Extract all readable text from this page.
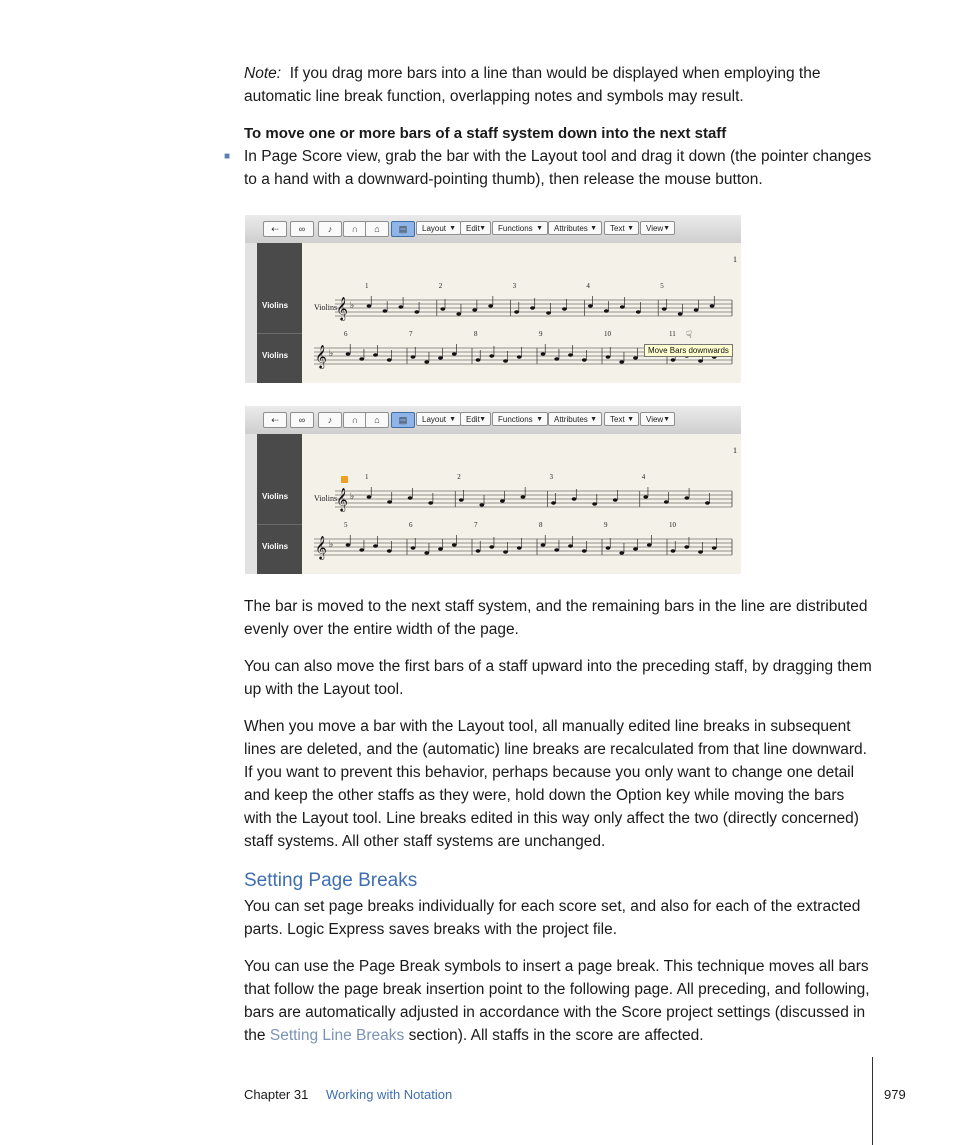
Note: If you drag more bars into a line than would be displayed when employing the automatic line break function, overlapping notes and symbols may result.
To move one or more bars of a staff system down into the next staff
■ In Page Score view, grab the bar with the Layout tool and drag it down (the pointer changes to a hand with a downward-pointing thumb), then release the mouse button.
⇠	∞	♪	∩	⌂	▤	Layout ▼	Edit ▼	Functions ▼	Attributes ▼	Text ▼	View ▼
Violins
Violins
𝄞 ♭
1	2	3	4	5
𝄞 ♭
6	7	8	9	10	11
1
Violins
Move Bars downwards
☟
⇠	∞	♪	∩	⌂	▤	Layout ▼	Edit ▼	Functions ▼	Attributes ▼	Text ▼	View ▼
Violins
Violins
𝄞 ♭
1	2	3	4
𝄞 ♭
5	6	7	8	9	10
1
Violins
The bar is moved to the next staff system, and the remaining bars in the line are distributed evenly over the entire width of the page.
You can also move the first bars of a staff upward into the preceding staff, by dragging them up with the Layout tool.
When you move a bar with the Layout tool, all manually edited line breaks in subsequent lines are deleted, and the (automatic) line breaks are recalculated from that line downward. If you want to prevent this behavior, perhaps because you only want to change one detail and keep the other staffs as they were, hold down the Option key while moving the bars with the Layout tool. Line breaks edited in this way only affect the two (directly concerned) staff systems. All other staff systems are unchanged.
Setting Page Breaks
You can set page breaks individually for each score set, and also for each of the extracted parts. Logic Express saves breaks with the project file.
You can use the Page Break symbols to insert a page break. This technique moves all bars that follow the page break insertion point to the following page. All preceding, and following, bars are automatically adjusted in accordance with the Score project settings (discussed in the Setting Line Breaks section). All staffs in the score are affected.
Chapter 31 Working with Notation	979
